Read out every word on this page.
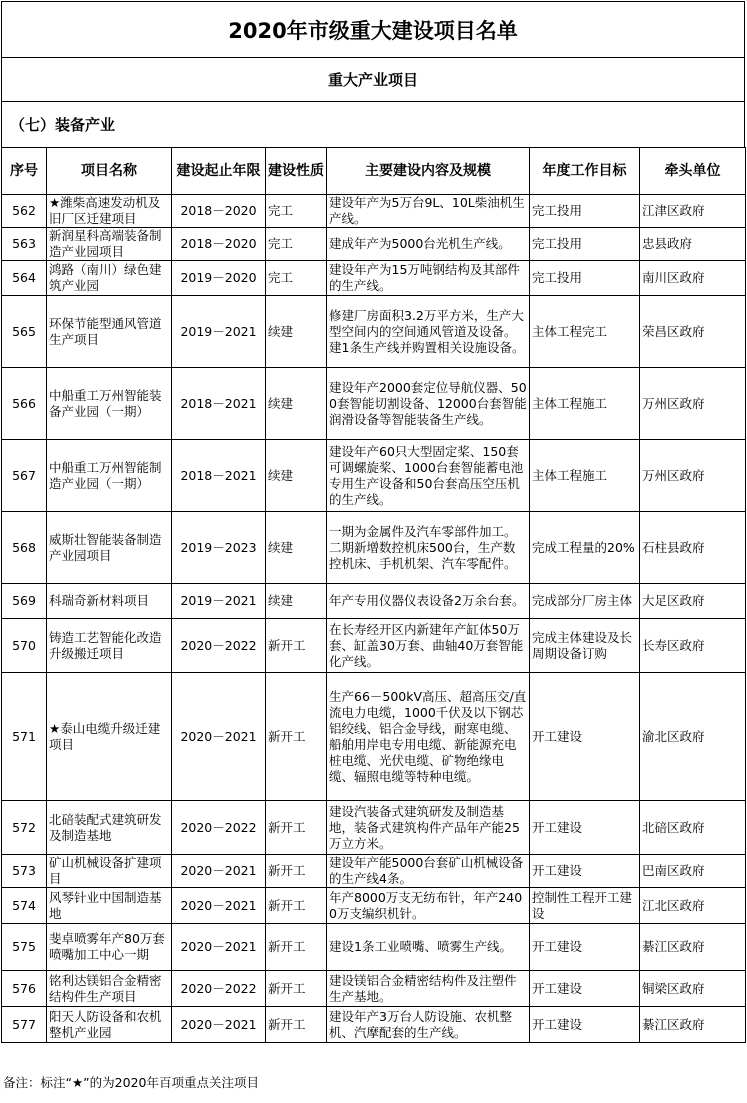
2020年市级重大建设项目名单
重大产业项目
（七）装备产业
序号	项目名称	建设起止年限	建设性质	主要建设内容及规模	年度工作目标	牵头单位
562	★潍柴高速发动机及旧厂区迁建项目	2018－2020	完工	建设年产为5万台9L、10L柴油机生产线。	完工投用	江津区政府
563	新润星科高端装备制造产业园项目	2018－2020	完工	建成年产为5000台光机生产线。	完工投用	忠县政府
564	鸿路（南川）绿色建筑产业园	2019－2020	完工	建设年产为15万吨钢结构及其部件的生产线。	完工投用	南川区政府
565	环保节能型通风管道生产项目	2019－2021	续建	修建厂房面积3.2万平方米，生产大型空间内的空间通风管道及设备。建1条生产线并购置相关设施设备。	主体工程完工	荣昌区政府
566	中船重工万州智能装备产业园（一期）	2018－2021	续建	建设年产2000套定位导航仪器、500套智能切割设备、12000台套智能润滑设备等智能装备生产线。	主体工程施工	万州区政府
567	中船重工万州智能制造产业园（一期）	2018－2021	续建	建设年产60只大型固定桨、150套可调螺旋桨、1000台套智能蓄电池专用生产设备和50台套高压空压机的生产线。	主体工程施工	万州区政府
568	威斯壮智能装备制造产业园项目	2019－2023	续建	一期为金属件及汽车零部件加工。二期新增数控机床500台，生产数控机床、手机机架、汽车零配件。	完成工程量的20%	石柱县政府
569	科瑞奇新材料项目	2019－2021	续建	年产专用仪器仪表设备2万余台套。	完成部分厂房主体	大足区政府
570	铸造工艺智能化改造升级搬迁项目	2020－2022	新开工	在长寿经开区内新建年产缸体50万套、缸盖30万套、曲轴40万套智能化产线。	完成主体建设及长周期设备订购	长寿区政府
571	★泰山电缆升级迁建项目	2020－2021	新开工	生产66－500kV高压、超高压交/直流电力电缆，1000千伏及以下钢芯铝绞线、铝合金导线，耐寒电缆、船舶用岸电专用电缆、新能源充电桩电缆、光伏电缆、矿物绝缘电缆、辐照电缆等特种电缆。	开工建设	渝北区政府
572	北碚装配式建筑研发及制造基地	2020－2022	新开工	建设汽装备式建筑研发及制造基地，装备式建筑构件产品年产能25万立方米。	开工建设	北碚区政府
573	矿山机械设备扩建项目	2020－2021	新开工	建设年产能5000台套矿山机械设备的生产线4条。	开工建设	巴南区政府
574	风琴针业中国制造基地	2020－2021	新开工	年产8000万支无纺布针，年产2400万支编织机针。	控制性工程开工建设	江北区政府
575	斐卓喷雾年产80万套喷嘴加工中心一期	2020－2021	新开工	建设1条工业喷嘴、喷雾生产线。	开工建设	綦江区政府
576	铭利达镁铝合金精密结构件生产项目	2020－2022	新开工	建设镁铝合金精密结构件及注塑件生产基地。	开工建设	铜梁区政府
577	阳天人防设备和农机整机产业园	2020－2021	新开工	建设年产3万台人防设施、农机整机、汽摩配套的生产线。	开工建设	綦江区政府
备注：标注“★”的为2020年百项重点关注项目
